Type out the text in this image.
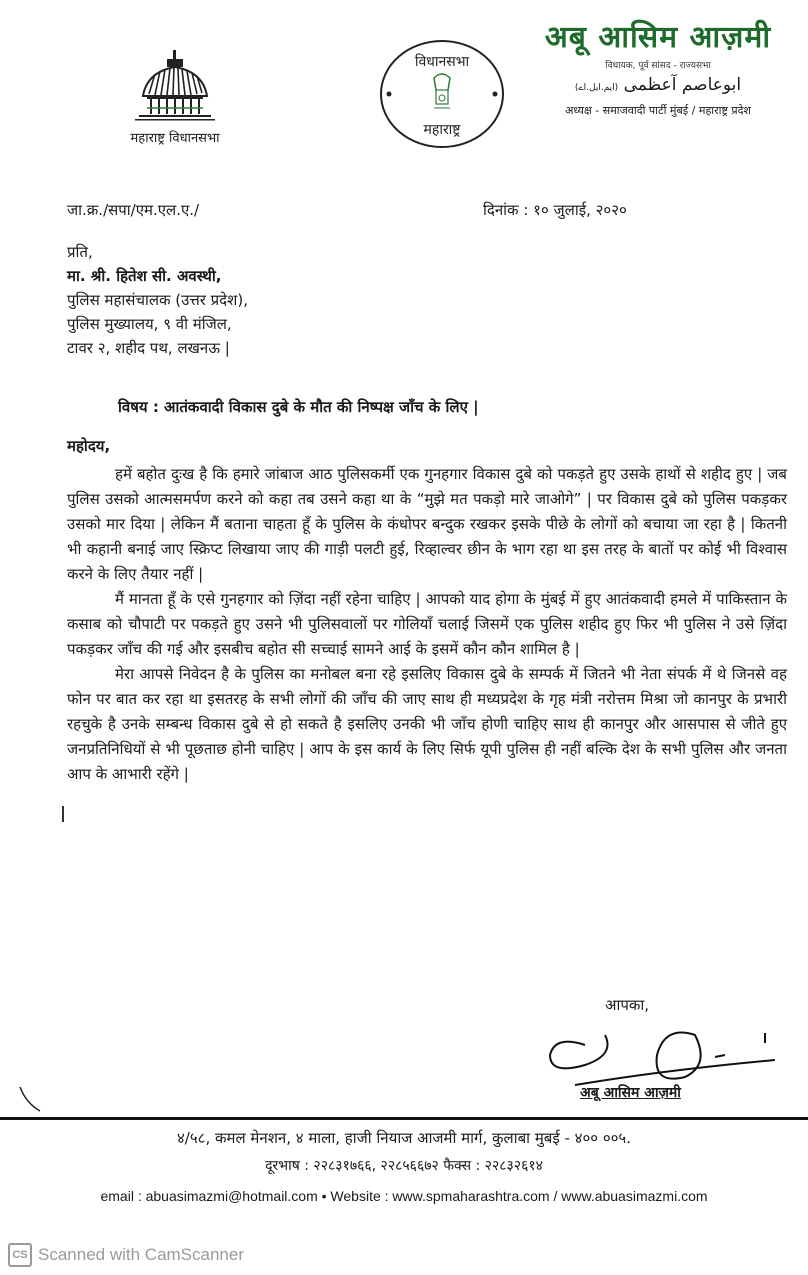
महाराष्ट्र विधानसभा
विधानसभा
महाराष्ट्र
अबू आसिम आज़मी
विधायक, पूर्व सांसद - राज्यसभा
ابوعاصم آعظمی (ایم.ایل.اے)
अध्यक्ष - समाजवादी पार्टी मुंबई / महाराष्ट्र प्रदेश
जा.क्र./सपा/एम.एल.ए./	दिनांक : १० जुलाई, २०२०
प्रति,
मा. श्री. हितेश सी. अवस्थी,
पुलिस महासंचालक (उत्तर प्रदेश),
पुलिस मुख्यालय, ९ वी मंजिल,
टावर २, शहीद पथ, लखनऊ |
विषय : आतंकवादी विकास दुबे के मौत की निष्पक्ष जाँच के लिए |
महोदय,

हमें बहोत दुःख है कि हमारे जांबाज आठ पुलिसकर्मी एक गुनहगार विकास दुबे को पकड़ते हुए उसके हाथों से शहीद हुए | जब पुलिस उसको आत्मसमर्पण करने को कहा तब उसने कहा था के “मुझे मत पकड़ो मारे जाओगे” | पर विकास दुबे को पुलिस पकड़कर उसको मार दिया | लेकिन मैं बताना चाहता हूँ के पुलिस के कंधोपर बन्दुक रखकर इसके पीछे के लोगों को बचाया जा रहा है | कितनी भी कहानी बनाई जाए स्क्रिप्ट लिखाया जाए की गाड़ी पलटी हुई, रिव्हाल्वर छीन के भाग रहा था इस तरह के बातों पर कोई भी विश्वास करने के लिए तैयार नहीं |

मैं मानता हूँ के एसे गुनहगार को ज़िंदा नहीं रहेना चाहिए | आपको याद होगा के मुंबई में हुए आतंकवादी हमले में पाकिस्तान के कसाब को चौपाटी पर पकड़ते हुए उसने भी पुलिसवालों पर गोलियाँ चलाई जिसमें एक पुलिस शहीद हुए फिर भी पुलिस ने उसे ज़िंदा पकड़कर जाँच की गई और इसबीच बहोत सी सच्चाई सामने आई के इसमें कौन कौन शामिल है |

मेरा आपसे निवेदन है के पुलिस का मनोबल बना रहे इसलिए विकास दुबे के सम्पर्क में जितने भी नेता संपर्क में थे जिनसे वह फोन पर बात कर रहा था इसतरह के सभी लोगों की जाँच की जाए साथ ही मध्यप्रदेश के गृह मंत्री नरोत्तम मिश्रा जो कानपुर के प्रभारी रहचुके है उनके सम्बन्ध विकास दुबे से हो सकते है इसलिए उनकी भी जाँच होणी चाहिए साथ ही कानपुर और आसपास से जीते हुए जनप्रतिनिधियों से भी पूछताछ होनी चाहिए | आप के इस कार्य के लिए सिर्फ यूपी पुलिस ही नहीं बल्कि देश के सभी पुलिस और जनता आप के आभारी रहेंगे |

आपका,
अबू आसिम आज़मी
४/५८, कमल मेनशन, ४ माला, हाजी नियाज आजमी मार्ग, कुलाबा मुबई - ४०० ००५.
दूरभाष : २२८३१७६६, २२८५६६७२ फैक्स : २२८३२६१४
email : abuasimazmi@hotmail.com • Website : www.spmaharashtra.com / www.abuasimazmi.com
CS Scanned with CamScanner
